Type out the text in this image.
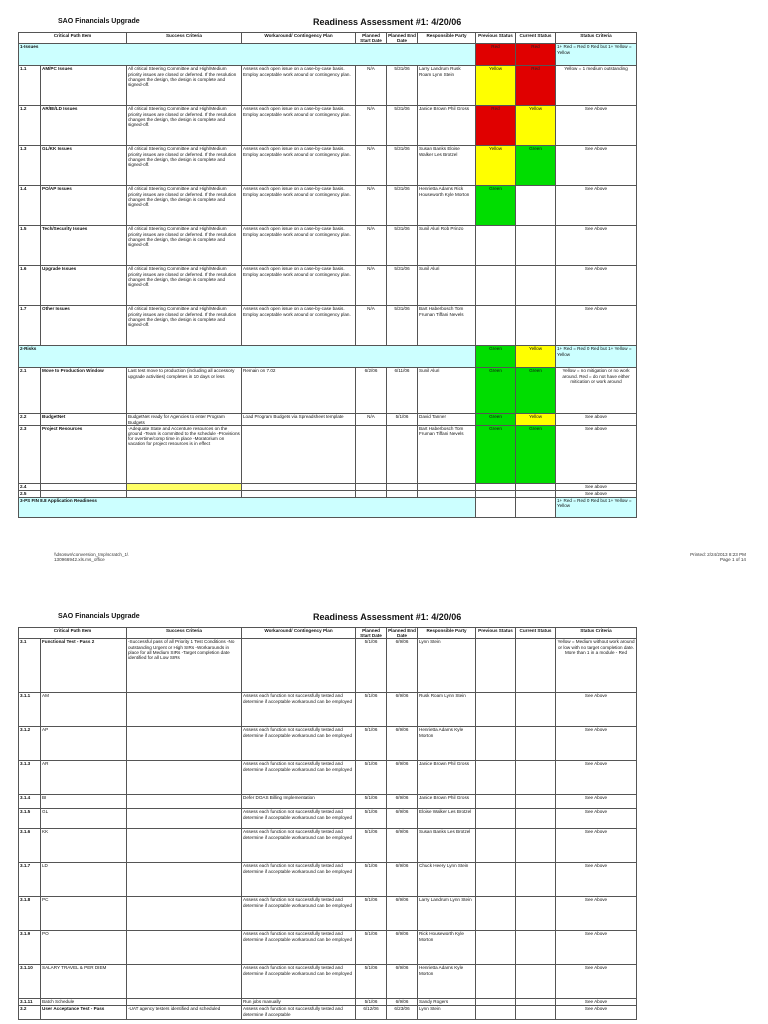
SAO Financials Upgrade	Readiness Assessment #1: 4/20/06
Critical Path Item		Success Criteria	Workaround/ Contingency Plan	Planned Start Date	Planned End Date	Responsible Party	Previous Status	Current Status	Status Criteria
1-Issues							Red	Red	1+ Red = Red 0 Red but 1+ Yellow = Yellow
1.1	AM/PC Issues	All critical Steering Committee and High/Medium priority issues are closed or deferred. If the resolution changes the design, the design is complete and signed-off.	Assess each open issue on a case-by-case basis. Employ acceptable work around or contingency plan.	N/A	5/31/06	Larry Landrum Rusk Roam Lynn Stein	Yellow	Red	Yellow = 1 medium outstanding
1.2	AR/BI/LD Issues	All critical Steering Committee and High/Medium priority issues are closed or deferred. If the resolution changes the design, the design is complete and signed-off.	Assess each open issue on a case-by-case basis. Employ acceptable work around or contingency plan.	N/A	5/31/06	Janice Brown Phil Gross	Red	Yellow	See Above
1.3	GL/KK Issues	All critical Steering Committee and High/Medium priority issues are closed or deferred. If the resolution changes the design, the design is complete and signed-off.	Assess each open issue on a case-by-case basis. Employ acceptable work around or contingency plan.	N/A	5/31/06	Susan Banks Eloise Walker Les Brotzel	Yellow	Green	See Above
1.4	PO/AP Issues	All critical Steering Committee and High/Medium priority issues are closed or deferred. If the resolution changes the design, the design is complete and signed-off.	Assess each open issue on a case-by-case basis. Employ acceptable work around or contingency plan.	N/A	5/31/06	Henrietta Adams Rick Houseworth Kyle Morton	Green		See Above
1.5	Tech/Security Issues	All critical Steering Committee and High/Medium priority issues are closed or deferred. If the resolution changes the design, the design is complete and signed-off.	Assess each open issue on a case-by-case basis. Employ acceptable work around or contingency plan.	N/A	5/31/06	Sunil Aluri Rob Prinzo			See Above
1.6	Upgrade Issues	All critical Steering Committee and High/Medium priority issues are closed or deferred. If the resolution changes the design, the design is complete and signed-off.	Assess each open issue on a case-by-case basis. Employ acceptable work around or contingency plan.	N/A	5/31/06	Sunil Aluri			See Above
1.7	Other Issues	All critical Steering Committee and High/Medium priority issues are closed or deferred. If the resolution changes the design, the design is complete and signed-off.	Assess each open issue on a case-by-case basis. Employ acceptable work around or contingency plan.	N/A	5/31/06	Bart Haberbosch Tom Fruman Tiffani Nevels			See Above
2-Risks							Green	Yellow	1+ Red = Red 0 Red but 1+ Yellow = Yellow
2.1	Move to Production Window	Last test move to production (including all accessory upgrade activities) completes in 10 days or less	Remain on 7.02	6/2/06	6/11/06	Sunil Aluri	Green	Green	Yellow = no mitigation or no work around. Red = do not have either mitication or work around
2.2	BudgetNet	BudgetNet ready for Agencies to enter Program Budgets	Load Program Budgets via Spreadsheet template	N/A	5/1/06	David Tanner	Green	Yellow	See above
2.3	Project Resources	-Adequate State and Accenture resources on the ground -Team is committed to the schedule -Provisions for overtime/comp time in place -Moratorium on vacation for project resources is in effect				Bart Haberbosch Tom Fruman Tiffani Nevels	Green	Green	See above
2.4									See above
2.5									See above
3-PS FIN 8.8 Application Readiness									1+ Red = Red 0 Red but 1+ Yellow = Yellow
\\dsoswn\conversion_tmp\scratch_1\
130966942.xls.ms_office
Printed: 2/24/2013 8:23 PM
Page 1 of 14
SAO Financials Upgrade	Readiness Assessment #1: 4/20/06
Critical Path Item		Success Criteria	Workaround/ Contingency Plan	Planned Start Date	Planned End Date	Responsible Party	Previous Status	Current Status	Status Criteria
3.1	Functional Test - Pass 2	-Successful pass of all Priority 1 Test Conditions -No outstanding Urgent or High SIRs -Workarounds in place for all Medium SIRs -Target completion date identified for all Low SIRs		5/1/06	6/9/06	Lynn Stein			Yellow = Medium without work around or low with no target completion date. More than 1 in a module - Red
3.1.1	AM		Assess each function not successfully tested and determine if acceptable workaround can be employed	5/1/06	6/9/06	Rusk Roam Lynn Stein			See Above
3.1.2	AP		Assess each function not successfully tested and determine if acceptable workaround can be employed	5/1/06	6/9/06	Henrietta Adams Kyle Morton			See Above
3.1.3	AR		Assess each function not successfully tested and determine if acceptable workaround can be employed	5/1/06	6/9/06	Janice Brown Phil Gross			See Above
3.1.4	BI		Defer DOAS Billing Implementation	5/1/06	6/9/06	Janice Brown Phil Gross			See Above
3.1.5	GL		Assess each function not successfully tested and determine if acceptable workaround can be employed	5/1/06	6/9/06	Eloise Walker Les Brotzel			See Above
3.1.6	KK		Assess each function not successfully tested and determine if acceptable workaround can be employed	5/1/06	6/9/06	Susan Banks Les Brotzel			See Above
3.1.7	LD		Assess each function not successfully tested and determine if acceptable workaround can be employed	5/1/06	6/9/06	Chuck Heery Lynn Stein			See Above
3.1.8	PC		Assess each function not successfully tested and determine if acceptable workaround can be employed	5/1/06	6/9/06	Larry Landrum Lynn Stein			See Above
3.1.9	PO		Assess each function not successfully tested and determine if acceptable workaround can be employed	5/1/06	6/9/06	Rick Houseworth Kyle Morton			See Above
3.1.10	SALARY TRAVEL & PER DIEM		Assess each function not successfully tested and determine if acceptable workaround can be employed	5/1/06	6/9/06	Henrietta Adams Kyle Morton			See Above
3.1.11	Batch Schedule		Run jobs manually	5/1/06	6/9/06	Sandy Rogers			See Above
3.2	User Acceptance Test - Pass	-UAT agency testers identified and scheduled	Assess each function not successfully tested and determine if acceptable	6/12/06	6/23/06	Lynn Stein			See Above
